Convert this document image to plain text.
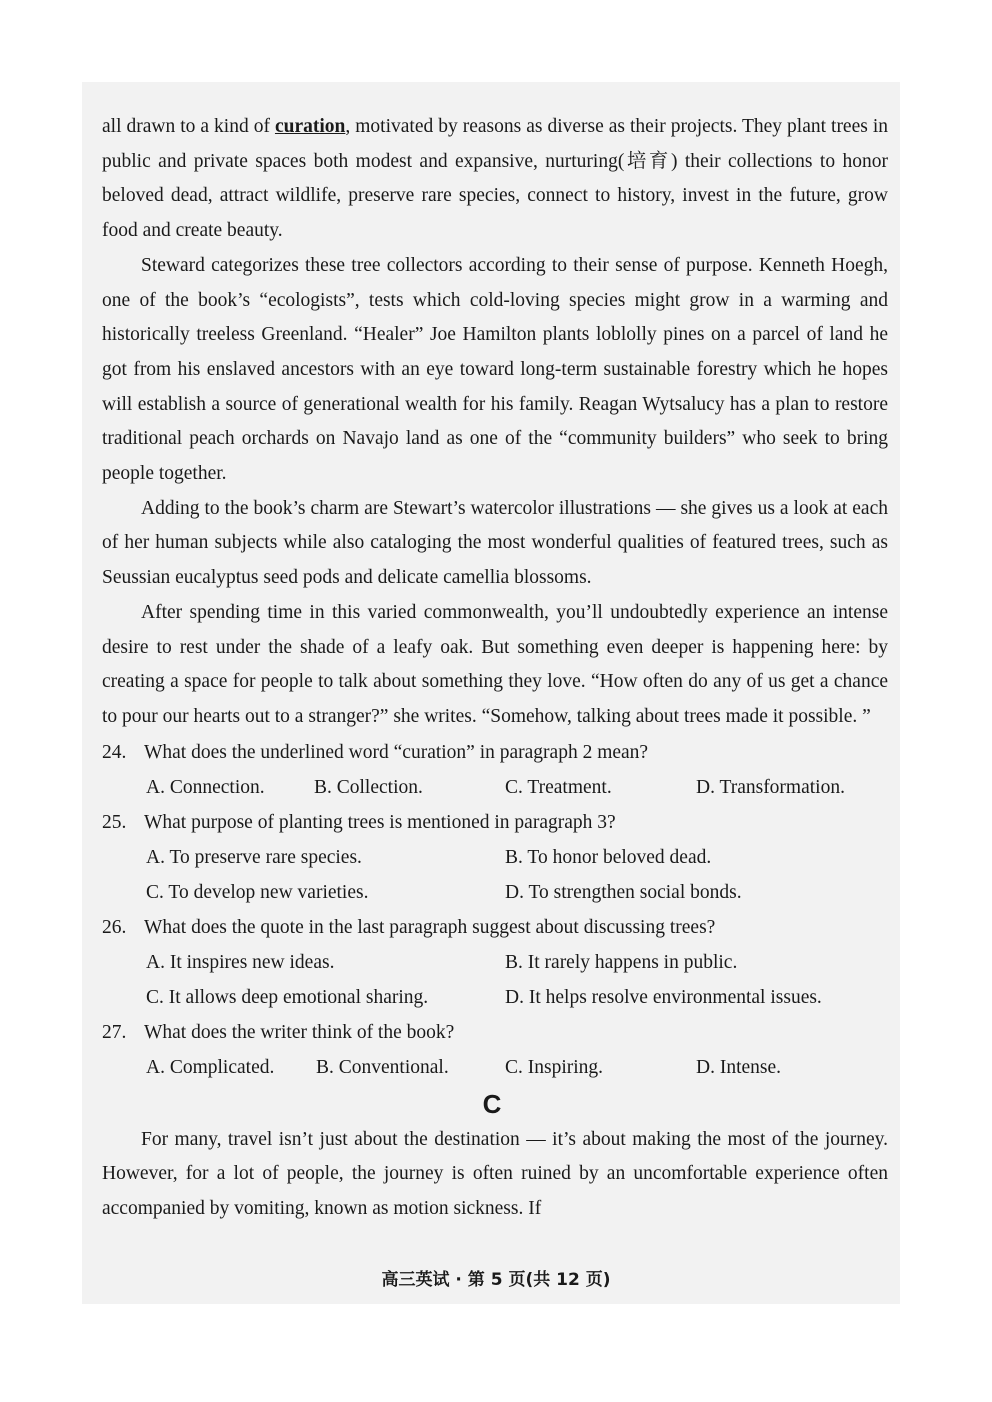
all drawn to a kind of curation, motivated by reasons as diverse as their projects. They plant trees in public and private spaces both modest and expansive, nurturing(培育) their collections to honor beloved dead, attract wildlife, preserve rare species, connect to history, invest in the future, grow food and create beauty.

Steward categorizes these tree collectors according to their sense of purpose. Kenneth Hoegh, one of the book’s “ecologists”, tests which cold-loving species might grow in a warming and historically treeless Greenland. “Healer” Joe Hamilton plants loblolly pines on a parcel of land he got from his enslaved ancestors with an eye toward long-term sustainable forestry which he hopes will establish a source of generational wealth for his family. Reagan Wytsalucy has a plan to restore traditional peach orchards on Navajo land as one of the “community builders” who seek to bring people together.

Adding to the book’s charm are Stewart’s watercolor illustrations — she gives us a look at each of her human subjects while also cataloging the most wonderful qualities of featured trees, such as Seussian eucalyptus seed pods and delicate camellia blossoms.

After spending time in this varied commonwealth, you’ll undoubtedly experience an intense desire to rest under the shade of a leafy oak. But something even deeper is happening here: by creating a space for people to talk about something they love. “How often do any of us get a chance to pour our hearts out to a stranger?” she writes. “Somehow, talking about trees made it possible. ”

24. What does the underlined word “curation” in paragraph 2 mean?
A. Connection.	B. Collection.	C. Treatment.	D. Transformation.
25. What purpose of planting trees is mentioned in paragraph 3?
A. To preserve rare species.	B. To honor beloved dead.
C. To develop new varieties.	D. To strengthen social bonds.
26. What does the quote in the last paragraph suggest about discussing trees?
A. It inspires new ideas.	B. It rarely happens in public.
C. It allows deep emotional sharing.	D. It helps resolve environmental issues.
27. What does the writer think of the book?
A. Complicated. B. Conventional.	C. Inspiring.	D. Intense.
C

For many, travel isn’t just about the destination — it’s about making the most of the journey. However, for a lot of people, the journey is often ruined by an uncomfortable experience often accompanied by vomiting, known as motion sickness. If

高三英试 · 第 5 页(共 12 页)
